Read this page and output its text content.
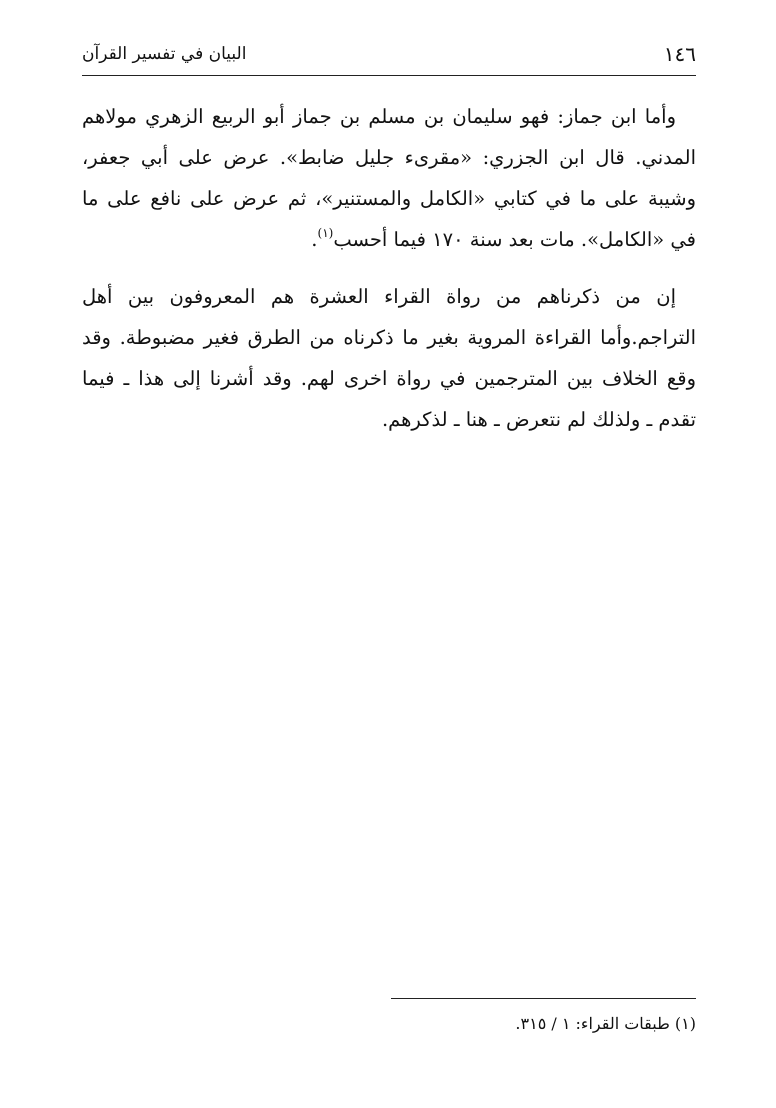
١٤٦
البيان في تفسير القرآن

وأما ابن جماز: فهو سليمان بن مسلم بن جماز أبو الربيع الزهري مولاهم المدني. قال ابن الجزري: «مقرىء جليل ضابط». عرض على أبي جعفر، وشيبة على ما في كتابي «الكامل والمستنير»، ثم عرض على نافع على ما في «الكامل». مات بعد سنة ١٧٠ فيما أحسب$^{(١)}$.

إن من ذكرناهم من رواة القراء العشرة هم المعروفون بين أهل التراجم.وأما القراءة المروية بغير ما ذكرناه من الطرق فغير مضبوطة. وقد وقع الخلاف بين المترجمين في رواة اخرى لهم. وقد أشرنا إلى هذا ـ فيما تقدم ـ ولذلك لم نتعرض ـ هنا ـ لذكرهم.

(١) طبقات القراء: ١ / ٣١٥.
